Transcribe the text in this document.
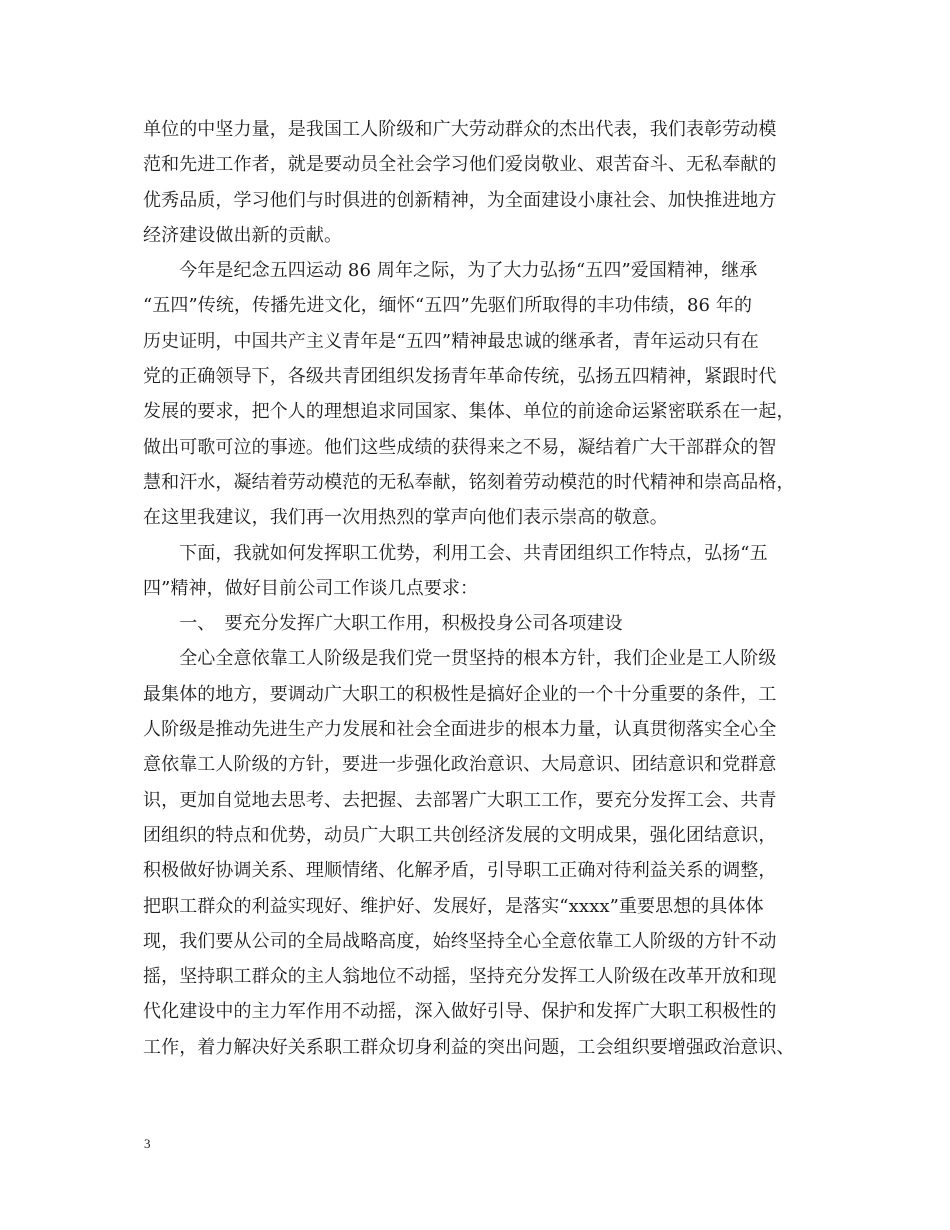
单位的中坚力量，是我国工人阶级和广大劳动群众的杰出代表，我们表彰劳动模
范和先进工作者，就是要动员全社会学习他们爱岗敬业、艰苦奋斗、无私奉献的
优秀品质，学习他们与时俱进的创新精神，为全面建设小康社会、加快推进地方
经济建设做出新的贡献。
　　今年是纪念五四运动 86 周年之际，为了大力弘扬“五四”爱国精神，继承
“五四”传统，传播先进文化，缅怀“五四”先驱们所取得的丰功伟绩，86 年的
历史证明，中国共产主义青年是“五四”精神最忠诚的继承者，青年运动只有在
党的正确领导下，各级共青团组织发扬青年革命传统，弘扬五四精神，紧跟时代
发展的要求，把个人的理想追求同国家、集体、单位的前途命运紧密联系在一起，
做出可歌可泣的事迹。他们这些成绩的获得来之不易，凝结着广大干部群众的智
慧和汗水，凝结着劳动模范的无私奉献，铭刻着劳动模范的时代精神和崇高品格，
在这里我建议，我们再一次用热烈的掌声向他们表示崇高的敬意。
　　下面，我就如何发挥职工优势，利用工会、共青团组织工作特点，弘扬“五
四”精神，做好目前公司工作谈几点要求：
　　一、　要充分发挥广大职工作用，积极投身公司各项建设
　　全心全意依靠工人阶级是我们党一贯坚持的根本方针，我们企业是工人阶级
最集体的地方，要调动广大职工的积极性是搞好企业的一个十分重要的条件，工
人阶级是推动先进生产力发展和社会全面进步的根本力量，认真贯彻落实全心全
意依靠工人阶级的方针，要进一步强化政治意识、大局意识、团结意识和党群意
识，更加自觉地去思考、去把握、去部署广大职工工作，要充分发挥工会、共青
团组织的特点和优势，动员广大职工共创经济发展的文明成果，强化团结意识，
积极做好协调关系、理顺情绪、化解矛盾，引导职工正确对待利益关系的调整，
把职工群众的利益实现好、维护好、发展好，是落实“xxxx”重要思想的具体体
现，我们要从公司的全局战略高度，始终坚持全心全意依靠工人阶级的方针不动
摇，坚持职工群众的主人翁地位不动摇，坚持充分发挥工人阶级在改革开放和现
代化建设中的主力军作用不动摇，深入做好引导、保护和发挥广大职工积极性的
工作，着力解决好关系职工群众切身利益的突出问题，工会组织要增强政治意识、
3
